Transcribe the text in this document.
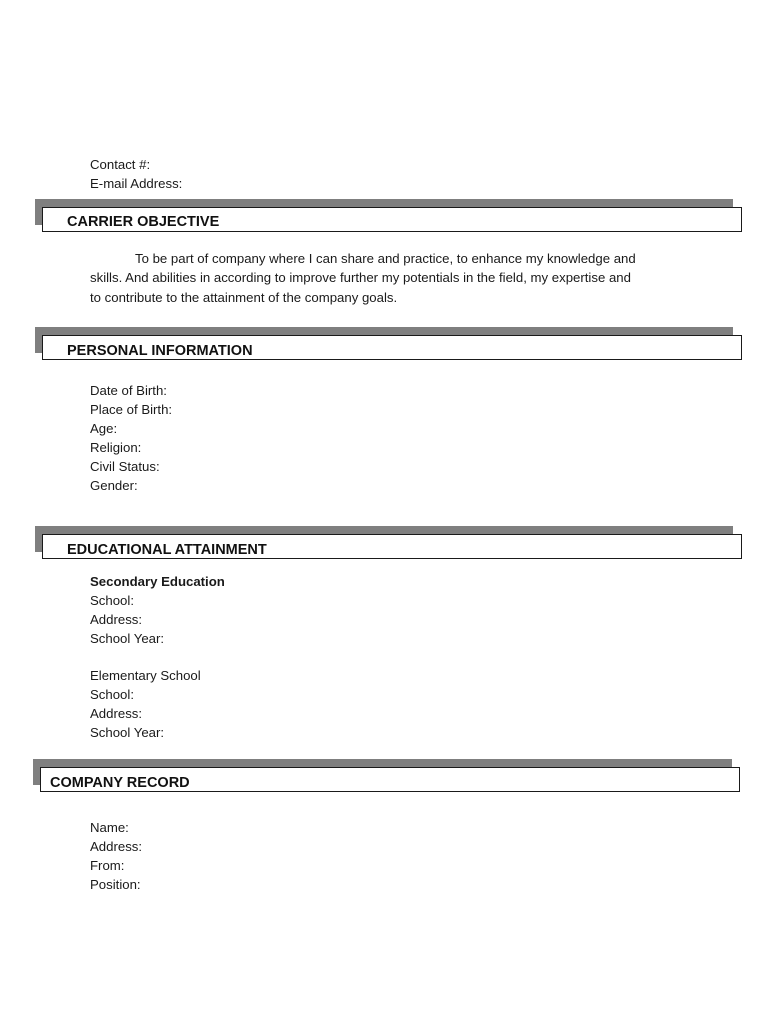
Contact #:
E-mail Address:
CARRIER OBJECTIVE
To be part of company where I can share and practice, to enhance my knowledge and
skills. And abilities in according to improve further my potentials in the field, my expertise and
to contribute to the attainment of the company goals.
PERSONAL INFORMATION
Date of Birth:
Place of Birth:
Age:
Religion:
Civil Status:
Gender:
EDUCATIONAL ATTAINMENT
Secondary Education
School:
Address:
School Year:
Elementary School
School:
Address:
School Year:
COMPANY RECORD
Name:
Address:
From:
Position:
